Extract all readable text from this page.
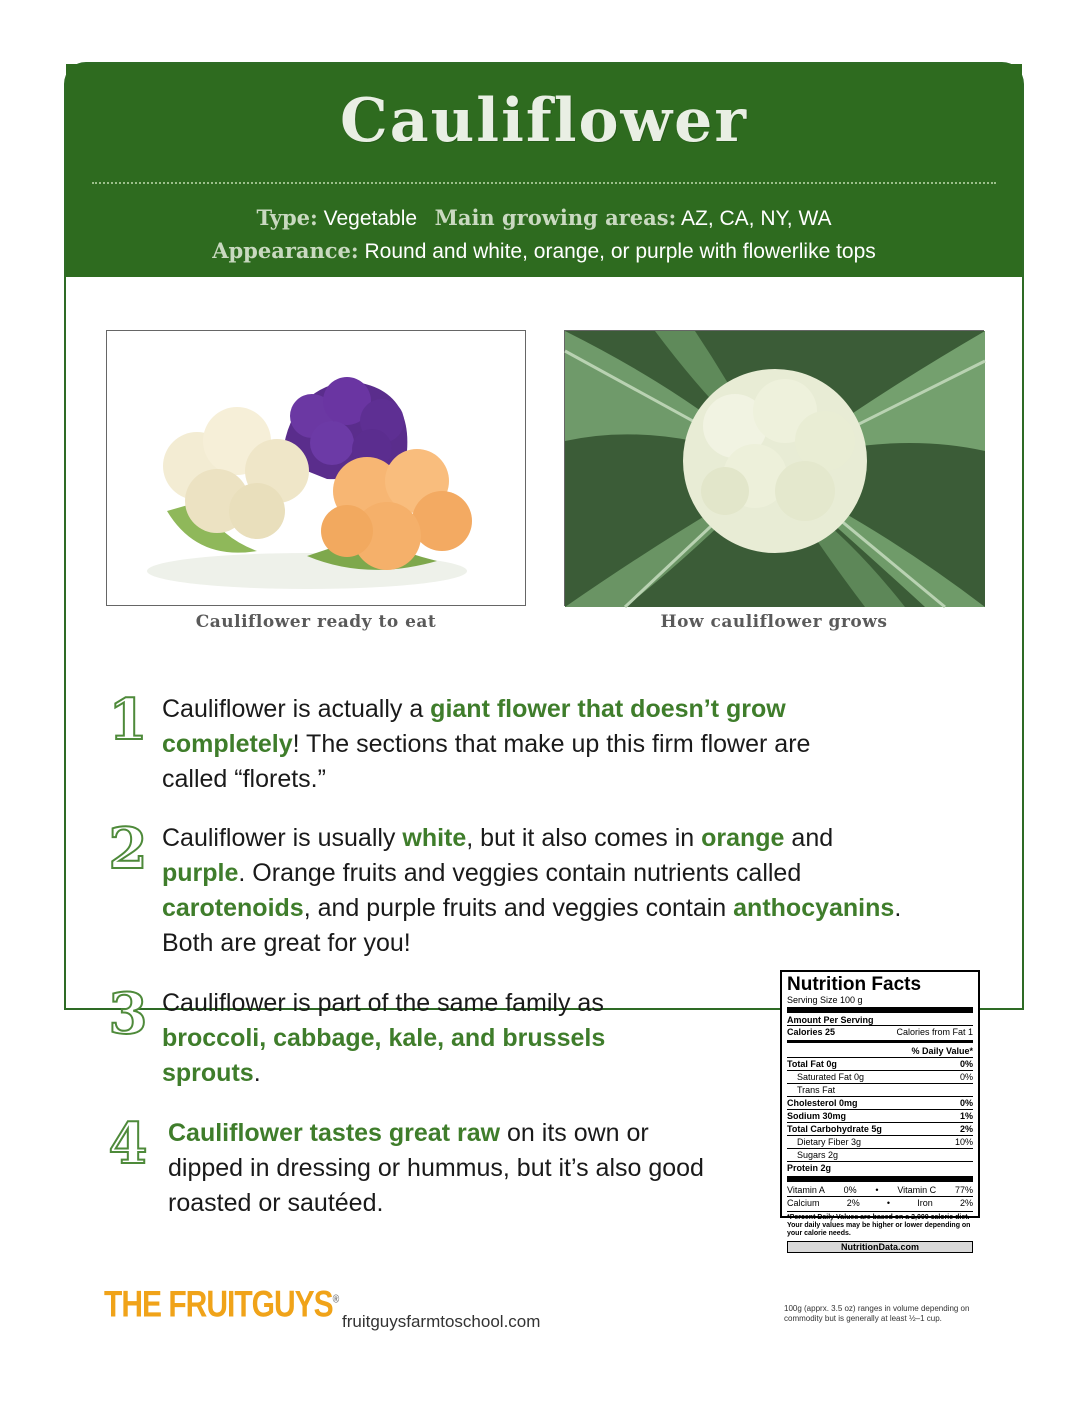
Cauliflower
Type: Vegetable Main growing areas: AZ, CA, NY, WA
Appearance: Round and white, orange, or purple with flowerlike tops
Cauliflower ready to eat	How cauliflower grows
1 Cauliflower is actually a giant flower that doesn’t grow completely! The sections that make up this firm flower are called “florets.”
2 Cauliflower is usually white, but it also comes in orange and purple. Orange fruits and veggies contain nutrients called carotenoids, and purple fruits and veggies contain anthocyanins. Both are great for you!
3 Cauliflower is part of the same family as broccoli, cabbage, kale, and brussels sprouts.
4 Cauliflower tastes great raw on its own or dipped in dressing or hummus, but it’s also good roasted or sautéed.
Nutrition Facts
Serving Size 100 g
Amount Per Serving
Calories 25	Calories from Fat 1
% Daily Value*
Total Fat 0g	0%
Saturated Fat 0g	0%
Trans Fat
Cholesterol 0mg	0%
Sodium 30mg	1%
Total Carbohydrate 5g	2%
Dietary Fiber 3g	10%
Sugars 2g
Protein 2g
Vitamin A 0% • Vitamin C 77%
Calcium	2%	•	Iron	2%
*Percent Daily Values are based on a 2,000 calorie diet. Your daily values may be higher or lower depending on your calorie needs.
NutritionData.com
100g (apprx. 3.5 oz) ranges in volume depending on commodity but is generally at least ½–1 cup.
THE FRUITGUYS®
fruitguysfarmtoschool.com
